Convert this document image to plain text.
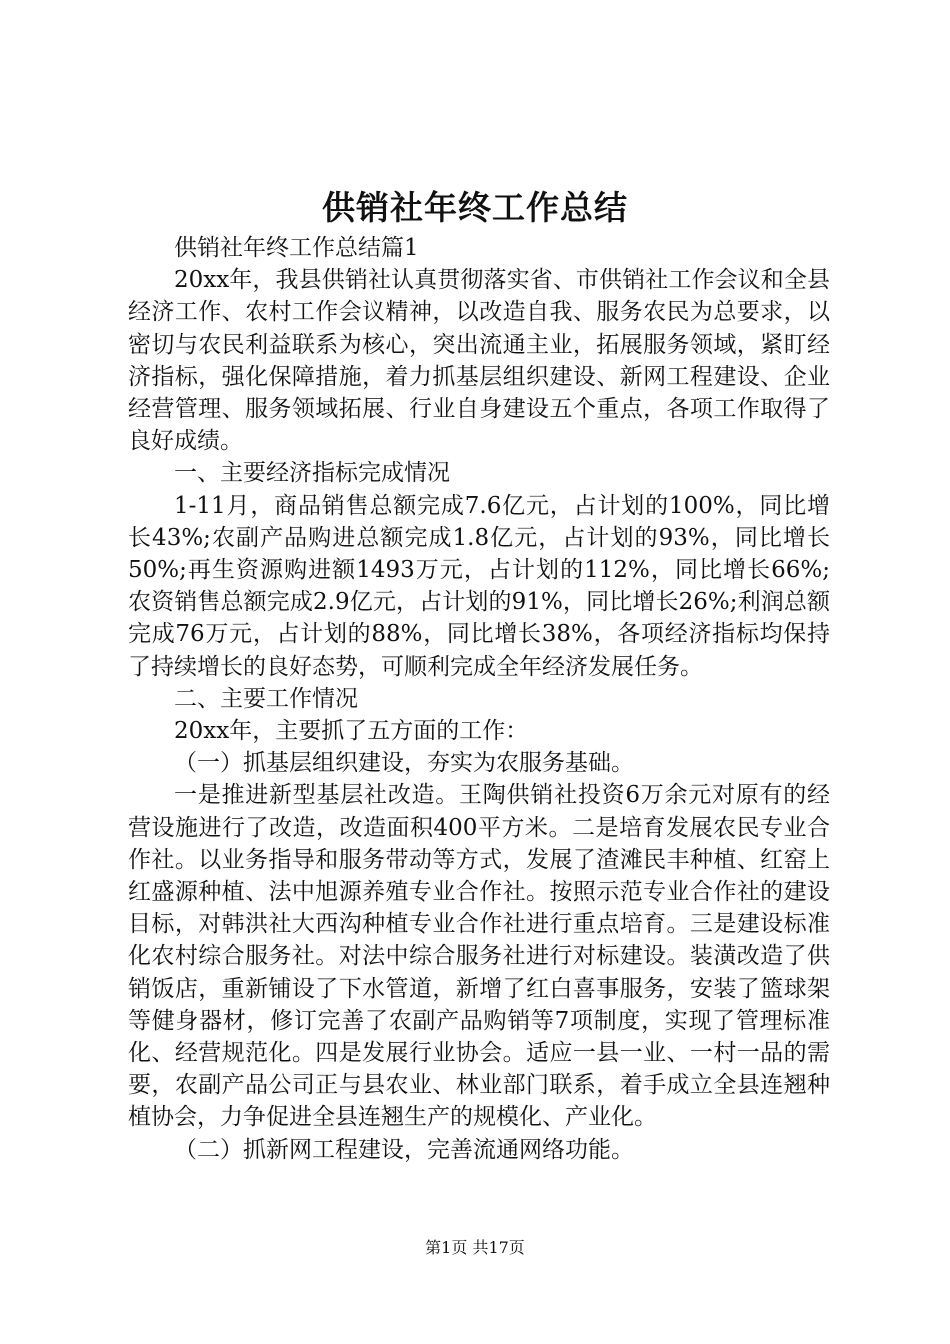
供销社年终工作总结

供销社年终工作总结篇1

20xx年，我县供销社认真贯彻落实省、市供销社工作会议和全县经济工作、农村工作会议精神，以改造自我、服务农民为总要求，以密切与农民利益联系为核心，突出流通主业，拓展服务领域，紧盯经济指标，强化保障措施，着力抓基层组织建设、新网工程建设、企业经营管理、服务领域拓展、行业自身建设五个重点，各项工作取得了良好成绩。

一、主要经济指标完成情况

1-11月，商品销售总额完成7.6亿元，占计划的100%，同比增长43%;农副产品购进总额完成1.8亿元，占计划的93%，同比增长50%;再生资源购进额1493万元，占计划的112%，同比增长66%;农资销售总额完成2.9亿元，占计划的91%，同比增长26%;利润总额完成76万元，占计划的88%，同比增长38%，各项经济指标均保持了持续增长的良好态势，可顺利完成全年经济发展任务。

二、主要工作情况

20xx年，主要抓了五方面的工作：

（一）抓基层组织建设，夯实为农服务基础。

一是推进新型基层社改造。王陶供销社投资6万余元对原有的经营设施进行了改造，改造面积400平方米。二是培育发展农民专业合作社。以业务指导和服务带动等方式，发展了渣滩民丰种植、红窑上红盛源种植、法中旭源养殖专业合作社。按照示范专业合作社的建设目标，对韩洪社大西沟种植专业合作社进行重点培育。三是建设标准化农村综合服务社。对法中综合服务社进行对标建设。装潢改造了供销饭店，重新铺设了下水管道，新增了红白喜事服务，安装了篮球架等健身器材，修订完善了农副产品购销等7项制度，实现了管理标准化、经营规范化。四是发展行业协会。适应一县一业、一村一品的需要，农副产品公司正与县农业、林业部门联系，着手成立全县连翘种植协会，力争促进全县连翘生产的规模化、产业化。

（二）抓新网工程建设，完善流通网络功能。

第1页 共17页
